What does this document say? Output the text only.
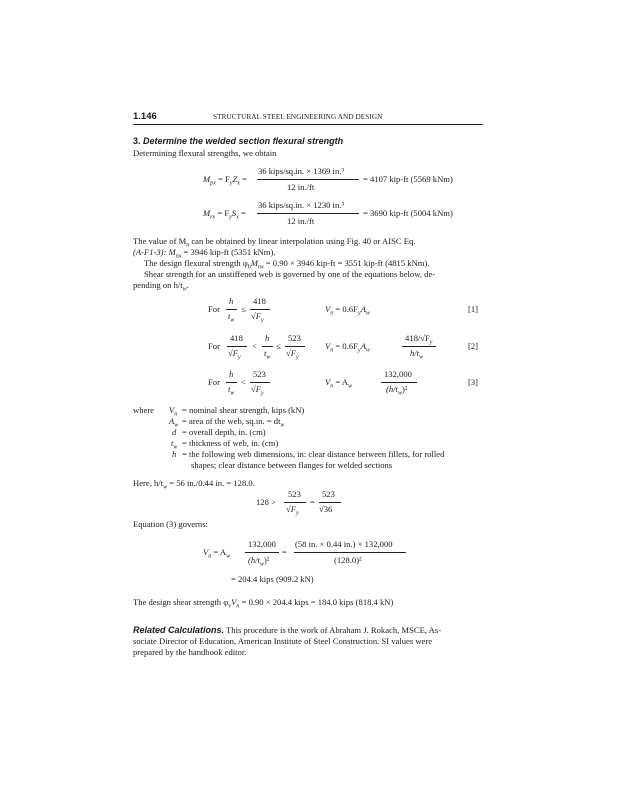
1.146	STRUCTURAL STEEL ENGINEERING AND DESIGN
3. Determine the welded section flexural strength
Determining flexural strengths, we obtain
$M_{px} = F_yZ_x$ =
36 kips/sq.in. × 1369 in.³
12 in./ft
= 4107 kip-ft (5569 kNm)
$M_{rx} = F_yS_x$ =
36 kips/sq.in. × 1230 in.³
12 in./ft
= 3690 kip-ft (5004 kNm)
The value of $M_n$ can be obtained by linear interpolation using Fig. 40 or AISC Eq.
(A-F1-3): $M_{nx} = 3946$ kip-ft (5351 kNm).
The design flexural strength $\varphi_bM_{nx} = 0.90 \times 3946$ kip-ft = 3551 kip-ft (4815 kNm).
Shear strength for an unstiffened web is governed by one of the equations below, de-
pending on $h/t_w$.
For
h
$t_w$
≤
418
$√F_y$
$V_n = 0.6F_yA_w$	[1]
For
418
$√F_y$
<
h
$t_w$
≤
523
$√F_y$
$V_n = 0.6F_yA_w$
$418/√F_y$
$h/t_w$
[2]
For
h
$t_w$
<
523
$√F_y$
$V_n = A_w$
132,000
$(h/t_w)^2$
[3]
where $V_n$ = nominal shear strength, kips (kN)
$A_w$ = area of the web, sq.in. = $dt_w$
d = overall depth, in. (cm)
$t_w$ = thickness of web, in. (cm)
h = the following web dimensions, in: clear distance between fillets, for rolled
shapes; clear distance between flanges for welded sections
Here, $h/t_w = 56$ in./0.44 in. = 128.0.
128 >
523
$√F_y$
=
523
√36
Equation (3) governs:
$V_n = A_w$
132,000
$(h/t_w)^2$
=
(58 in. × 0.44 in.) × 132,000
(128.0)²
= 204.4 kips (909.2 kN)
The design shear strength $\varphi_vV_n = 0.90 \times 204.4$ kips = 184.0 kips (818.4 kN)
Related Calculations. This procedure is the work of Abraham J. Rokach, MSCE, As-
sociate Director of Education, American Institute of Steel Construction. SI values were
prepared by the handbook editor.
